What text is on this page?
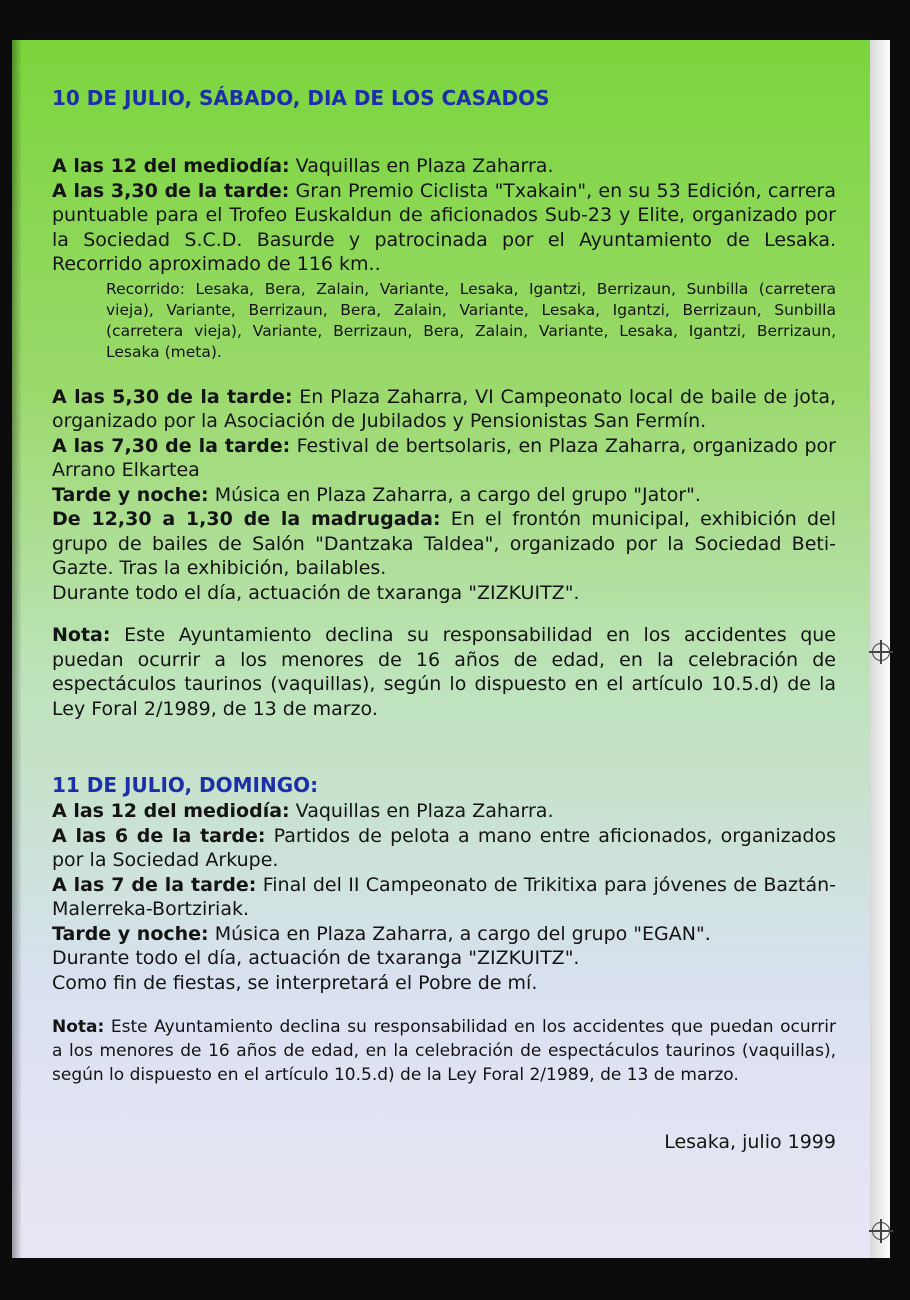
10 DE JULIO, SÁBADO, DIA DE LOS CASADOS

A las 12 del mediodía: Vaquillas en Plaza Zaharra.

A las 3,30 de la tarde: Gran Premio Ciclista "Txakain", en su 53 Edición, carrera puntuable para el Trofeo Euskaldun de aficionados Sub-23 y Elite, organizado por la Sociedad S.C.D. Basurde y patrocinada por el Ayuntamiento de Lesaka. Recorrido aproximado de 116 km..

Recorrido: Lesaka, Bera, Zalain, Variante, Lesaka, Igantzi, Berrizaun, Sunbilla (carretera vieja), Variante, Berrizaun, Bera, Zalain, Variante, Lesaka, Igantzi, Berrizaun, Sunbilla (carretera vieja), Variante, Berrizaun, Bera, Zalain, Variante, Lesaka, Igantzi, Berrizaun, Lesaka (meta).

A las 5,30 de la tarde: En Plaza Zaharra, VI Campeonato local de baile de jota, organizado por la Asociación de Jubilados y Pensionistas San Fermín.

A las 7,30 de la tarde: Festival de bertsolaris, en Plaza Zaharra, organizado por Arrano Elkartea

Tarde y noche: Música en Plaza Zaharra, a cargo del grupo "Jator".

De 12,30 a 1,30 de la madrugada: En el frontón municipal, exhibición del grupo de bailes de Salón "Dantzaka Taldea", organizado por la Sociedad Beti-Gazte. Tras la exhibición, bailables.

Durante todo el día, actuación de txaranga "ZIZKUITZ".

Nota: Este Ayuntamiento declina su responsabilidad en los accidentes que puedan ocurrir a los menores de 16 años de edad, en la celebración de espectáculos taurinos (vaquillas), según lo dispuesto en el artículo 10.5.d) de la Ley Foral 2/1989, de 13 de marzo.

11 DE JULIO, DOMINGO:

A las 12 del mediodía: Vaquillas en Plaza Zaharra.

A las 6 de la tarde: Partidos de pelota a mano entre aficionados, organizados por la Sociedad Arkupe.

A las 7 de la tarde: Final del II Campeonato de Trikitixa para jóvenes de Baztán-Malerreka-Bortziriak.

Tarde y noche: Música en Plaza Zaharra, a cargo del grupo "EGAN".

Durante todo el día, actuación de txaranga "ZIZKUITZ".

Como fin de fiestas, se interpretará el Pobre de mí.

Nota: Este Ayuntamiento declina su responsabilidad en los accidentes que puedan ocurrir a los menores de 16 años de edad, en la celebración de espectáculos taurinos (vaquillas), según lo dispuesto en el artículo 10.5.d) de la Ley Foral 2/1989, de 13 de marzo.

Lesaka, julio 1999
